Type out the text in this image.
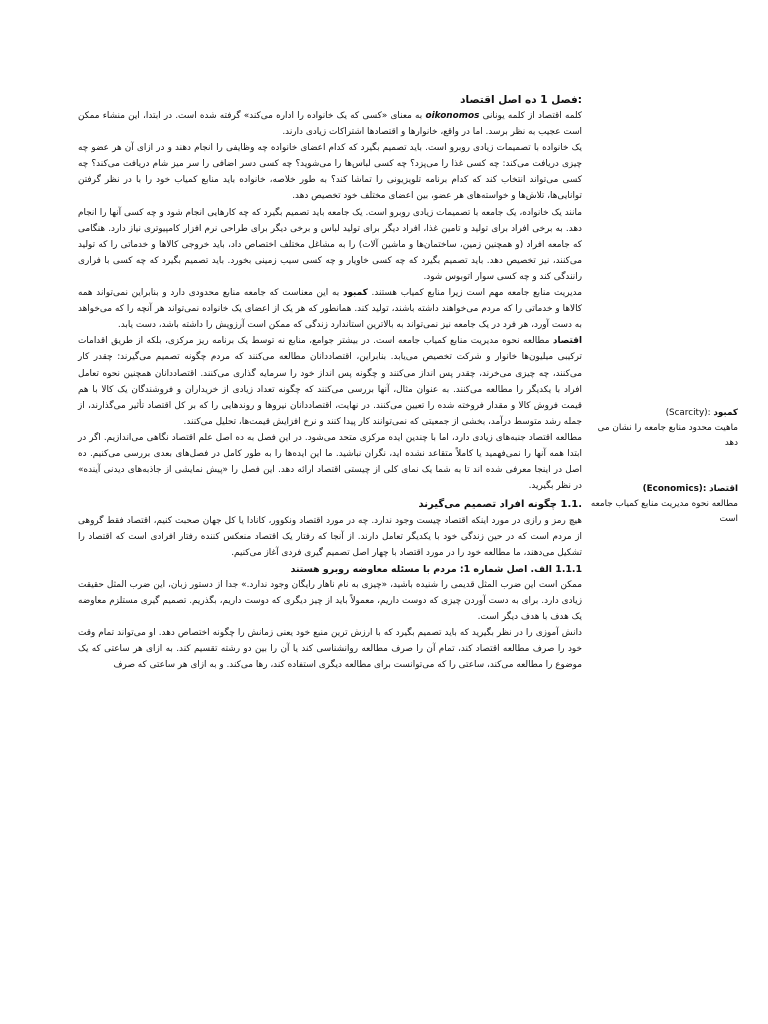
فصل 1: ده اصل اقتصاد

کلمه اقتصاد از کلمه یونانی oikonomos به معنای «کسی که یک خانواده را اداره می‌کند» گرفته شده است. در ابتدا، این منشاء ممکن است عجیب به نظر برسد. اما در واقع، خانوارها و اقتصادها اشتراکات زیادی دارند.

یک خانواده با تصمیمات زیادی روبرو است. باید تصمیم بگیرد که کدام اعضای خانواده چه وظایفی را انجام دهند و در ازای آن هر عضو چه چیزی دریافت می‌کند: چه کسی غذا را می‌پزد؟ چه کسی لباس‌ها را می‌شوید؟ چه کسی دسر اضافی را سر میز شام دریافت می‌کند؟ چه کسی می‌تواند انتخاب کند که کدام برنامه تلویزیونی را تماشا کند؟ به طور خلاصه، خانواده باید منابع کمیاب خود را با در نظر گرفتن توانایی‌ها، تلاش‌ها و خواسته‌های هر عضو، بین اعضای مختلف خود تخصیص دهد.

مانند یک خانواده، یک جامعه با تصمیمات زیادی روبرو است. یک جامعه باید تصمیم بگیرد که چه کارهایی انجام شود و چه کسی آنها را انجام دهد. به برخی افراد برای تولید و تامین غذا، افراد دیگر برای تولید لباس و برخی دیگر برای طراحی نرم افزار کامپیوتری نیاز دارد. هنگامی که جامعه افراد (و همچنین زمین، ساختمان‌ها و ماشین آلات) را به مشاغل مختلف اختصاص داد، باید خروجی کالاها و خدماتی را که تولید می‌کنند، نیز تخصیص دهد. باید تصمیم بگیرد که چه کسی خاویار و چه کسی سیب زمینی بخورد. باید تصمیم بگیرد که چه کسی با فراری رانندگی کند و چه کسی سوار اتوبوس شود.

مدیریت منابع جامعه مهم است زیرا منابع کمیاب هستند. کمبود به این معناست که جامعه منابع محدودی دارد و بنابراین نمی‌تواند همه کالاها و خدماتی را که مردم می‌خواهند داشته باشند، تولید کند. همانطور که هر یک از اعضای یک خانواده نمی‌تواند هر آنچه را که می‌خواهد به دست آورد، هر فرد در یک جامعه نیز نمی‌تواند به بالاترین استاندارد زندگی که ممکن است آرزویش را داشته باشد، دست یابد.

اقتصاد مطالعه نحوه مدیریت منابع کمیاب جامعه است. در بیشتر جوامع، منابع نه توسط یک برنامه ریز مرکزی، بلکه از طریق اقدامات ترکیبی میلیون‌ها خانوار و شرکت تخصیص می‌یابد. بنابراین، اقتصاددانان مطالعه می‌کنند که مردم چگونه تصمیم می‌گیرند: چقدر کار می‌کنند، چه چیزی می‌خرند، چقدر پس انداز می‌کنند و چگونه پس انداز خود را سرمایه گذاری می‌کنند. اقتصاددانان همچنین نحوه تعامل افراد با یکدیگر را مطالعه می‌کنند. به عنوان مثال، آنها بررسی می‌کنند که چگونه تعداد زیادی از خریداران و فروشندگان یک کالا با هم قیمت فروش کالا و مقدار فروخته شده را تعیین می‌کنند. در نهایت، اقتصاددانان نیروها و روندهایی را که بر کل اقتصاد تأثیر می‌گذارند، از جمله رشد متوسط درآمد، بخشی از جمعیتی که نمی‌توانند کار پیدا کنند و نرخ افزایش قیمت‌ها، تحلیل می‌کنند.

مطالعه اقتصاد جنبه‌های زیادی دارد، اما با چندین ایده مرکزی متحد می‌شود. در این فصل به ده اصل علم اقتصاد نگاهی می‌اندازیم. اگر در ابتدا همه آنها را نمی‌فهمید یا کاملاً متقاعد نشده اید، نگران نباشید. ما این ایده‌ها را به طور کامل در فصل‌های بعدی بررسی می‌کنیم. ده اصل در اینجا معرفی شده اند تا به شما یک نمای کلی از چیستی اقتصاد ارائه دهد. این فصل را «پیش نمایشی از جاذبه‌های دیدنی آینده» در نظر بگیرید.

1.1. چگونه افراد تصمیم می‌گیرند

هیچ رمز و رازی در مورد اینکه اقتصاد چیست وجود ندارد. چه در مورد اقتصاد ونکوور، کانادا یا کل جهان صحبت کنیم، اقتصاد فقط گروهی از مردم است که در حین زندگی خود با یکدیگر تعامل دارند. از آنجا که رفتار یک اقتصاد منعکس کننده رفتار افرادی است که اقتصاد را تشکیل می‌دهند، ما مطالعه خود را در مورد اقتصاد با چهار اصل تصمیم گیری فردی آغاز می‌کنیم.

1.1.1 الف. اصل شماره 1: مردم با مسئله معاوضه روبرو هستند

ممکن است این ضرب المثل قدیمی را شنیده باشید، «چیزی به نام ناهار رایگان وجود ندارد.» جدا از دستور زبان، این ضرب المثل حقیقت زیادی دارد. برای به دست آوردن چیزی که دوست داریم، معمولاً باید از چیز دیگری که دوست داریم، بگذریم. تصمیم گیری مستلزم معاوضه یک هدف با هدف دیگر است.

دانش آموزی را در نظر بگیرید که باید تصمیم بگیرد که با ارزش ترین منبع خود یعنی زمانش را چگونه اختصاص دهد. او می‌تواند تمام وقت خود را صرف مطالعه اقتصاد کند، تمام آن را صرف مطالعه روانشناسی کند یا آن را بین دو رشته تقسیم کند. به ازای هر ساعتی که یک موضوع را مطالعه می‌کند، ساعتی را که می‌توانست برای مطالعه دیگری استفاده کند، رها می‌کند. و به ازای هر ساعتی که صرف

کمبود (Scarcity):
ماهیت محدود منابع جامعه را نشان می دهد
اقتصاد (Economics):
مطالعه نحوه مدیریت منابع کمیاب جامعه است
